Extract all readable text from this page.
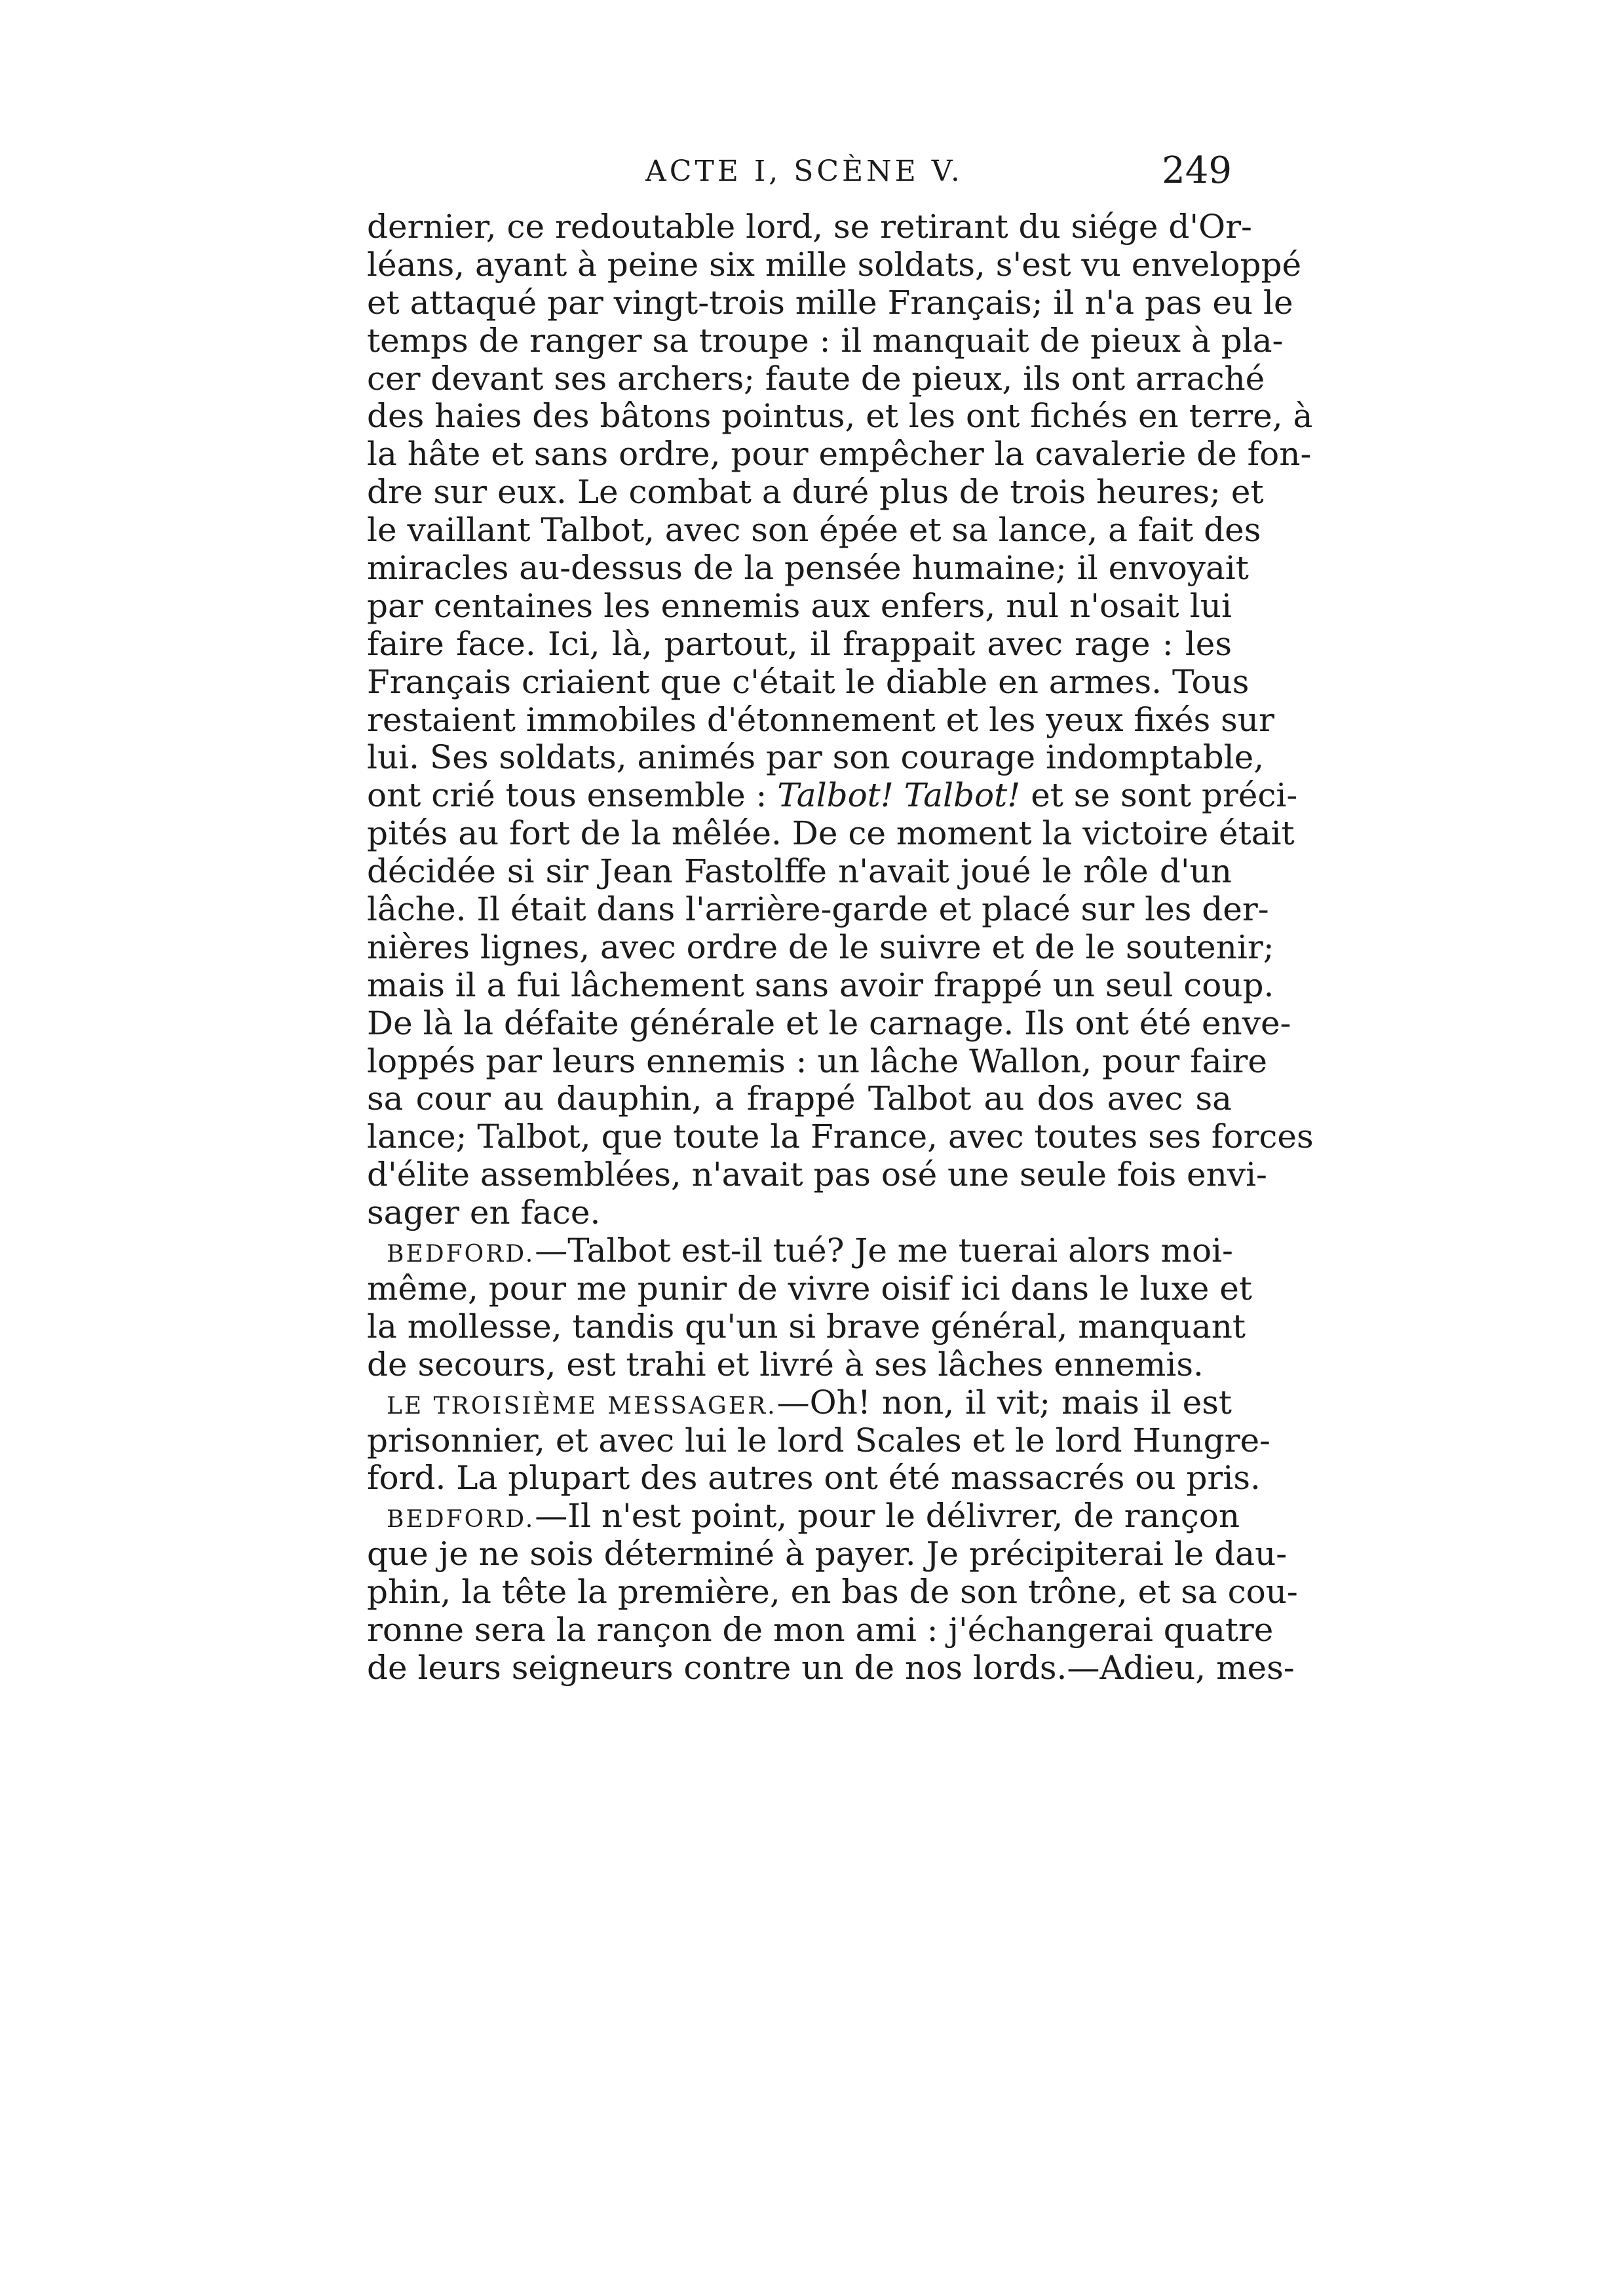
ACTE I, SCÈNE V.	249
dernier, ce redoutable lord, se retirant du siége d'Or-
léans, ayant à peine six mille soldats, s'est vu enveloppé
et attaqué par vingt-trois mille Français; il n'a pas eu le
temps de ranger sa troupe : il manquait de pieux à pla-
cer devant ses archers; faute de pieux, ils ont arraché
des haies des bâtons pointus, et les ont fichés en terre, à
la hâte et sans ordre, pour empêcher la cavalerie de fon-
dre sur eux. Le combat a duré plus de trois heures; et
le vaillant Talbot, avec son épée et sa lance, a fait des
miracles au-dessus de la pensée humaine; il envoyait
par centaines les ennemis aux enfers, nul n'osait lui
faire face. Ici, là, partout, il frappait avec rage : les
Français criaient que c'était le diable en armes. Tous
restaient immobiles d'étonnement et les yeux fixés sur
lui. Ses soldats, animés par son courage indomptable,
ont crié tous ensemble : Talbot! Talbot! et se sont préci-
pités au fort de la mêlée. De ce moment la victoire était
décidée si sir Jean Fastolffe n'avait joué le rôle d'un
lâche. Il était dans l'arrière-garde et placé sur les der-
nières lignes, avec ordre de le suivre et de le soutenir;
mais il a fui lâchement sans avoir frappé un seul coup.
De là la défaite générale et le carnage. Ils ont été enve-
loppés par leurs ennemis : un lâche Wallon, pour faire
sa cour au dauphin, a frappé Talbot au dos avec sa
lance; Talbot, que toute la France, avec toutes ses forces
d'élite assemblées, n'avait pas osé une seule fois envi-
sager en face.
BEDFORD.—Talbot est-il tué? Je me tuerai alors moi-
même, pour me punir de vivre oisif ici dans le luxe et
la mollesse, tandis qu'un si brave général, manquant
de secours, est trahi et livré à ses lâches ennemis.
LE TROISIÈME MESSAGER.—Oh! non, il vit; mais il est
prisonnier, et avec lui le lord Scales et le lord Hungre-
ford. La plupart des autres ont été massacrés ou pris.
BEDFORD.—Il n'est point, pour le délivrer, de rançon
que je ne sois déterminé à payer. Je précipiterai le dau-
phin, la tête la première, en bas de son trône, et sa cou-
ronne sera la rançon de mon ami : j'échangerai quatre
de leurs seigneurs contre un de nos lords.—Adieu, mes-
